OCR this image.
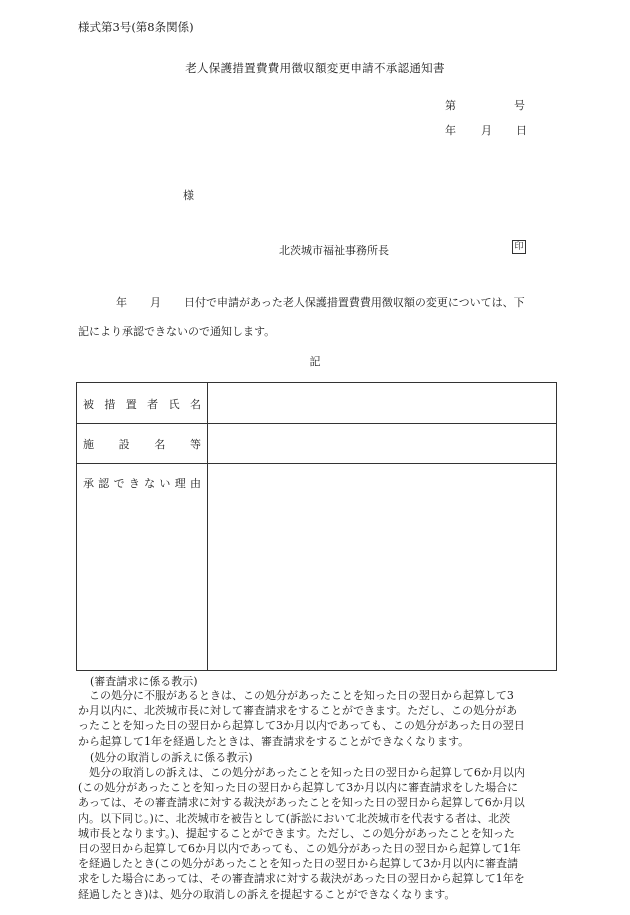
様式第3号(第8条関係)
老人保護措置費費用徴収額変更申請不承認通知書
第	号
年 月 日
様
北茨城市福祉事務所長	印
年 月 日付で申請があった老人保護措置費費用徴収額の変更については、下
記により承認できないので通知します。
記
被 措 置 者 氏 名
施 設 名 等
承 認 で き な い 理 由
(審査請求に係る教示)
この処分に不服があるときは、この処分があったことを知った日の翌日から起算して3
か月以内に、北茨城市長に対して審査請求をすることができます。ただし、この処分があ
ったことを知った日の翌日から起算して3か月以内であっても、この処分があった日の翌日
から起算して1年を経過したときは、審査請求をすることができなくなります。
(処分の取消しの訴えに係る教示)
処分の取消しの訴えは、この処分があったことを知った日の翌日から起算して6か月以内
(この処分があったことを知った日の翌日から起算して3か月以内に審査請求をした場合に
あっては、その審査請求に対する裁決があったことを知った日の翌日から起算して6か月以
内。以下同じ。)に、北茨城市を被告として(訴訟において北茨城市を代表する者は、北茨
城市長となります。)、提起することができます。ただし、この処分があったことを知った
日の翌日から起算して6か月以内であっても、この処分があった日の翌日から起算して1年
を経過したとき(この処分があったことを知った日の翌日から起算して3か月以内に審査請
求をした場合にあっては、その審査請求に対する裁決があった日の翌日から起算して1年を
経過したとき)は、処分の取消しの訴えを提起することができなくなります。
